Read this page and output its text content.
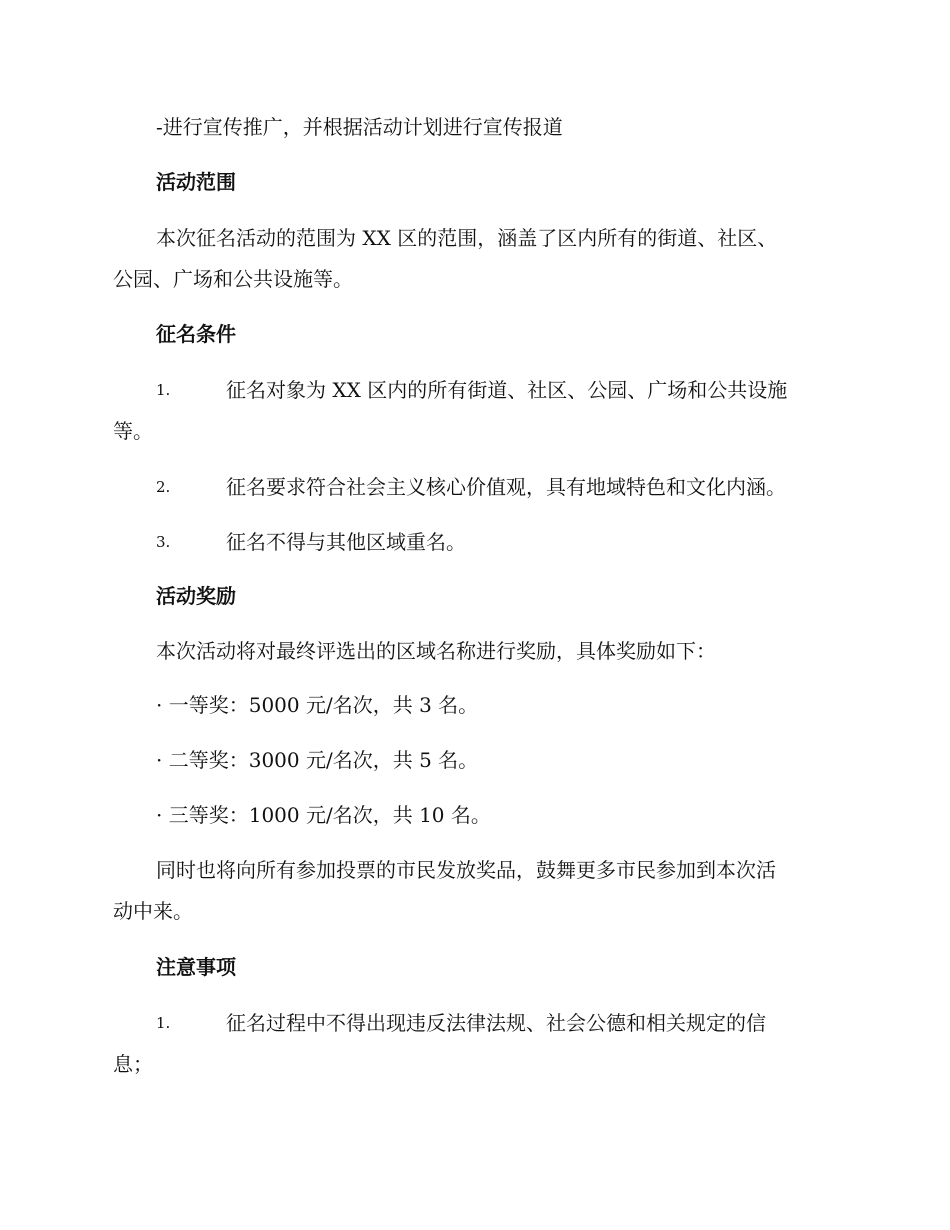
-进行宣传推广，并根据活动计划进行宣传报道
活动范围
本次征名活动的范围为 XX 区的范围，涵盖了区内所有的街道、社区、
公园、广场和公共设施等。
征名条件
1.	征名对象为 XX 区内的所有街道、社区、公园、广场和公共设施
等。
2.	征名要求符合社会主义核心价值观，具有地域特色和文化内涵。
3.	征名不得与其他区域重名。
活动奖励
本次活动将对最终评选出的区域名称进行奖励，具体奖励如下：
· 一等奖：5000 元/名次，共 3 名。
· 二等奖：3000 元/名次，共 5 名。
· 三等奖：1000 元/名次，共 10 名。
同时也将向所有参加投票的市民发放奖品，鼓舞更多市民参加到本次活
动中来。
注意事项
1.	征名过程中不得出现违反法律法规、社会公德和相关规定的信
息；
